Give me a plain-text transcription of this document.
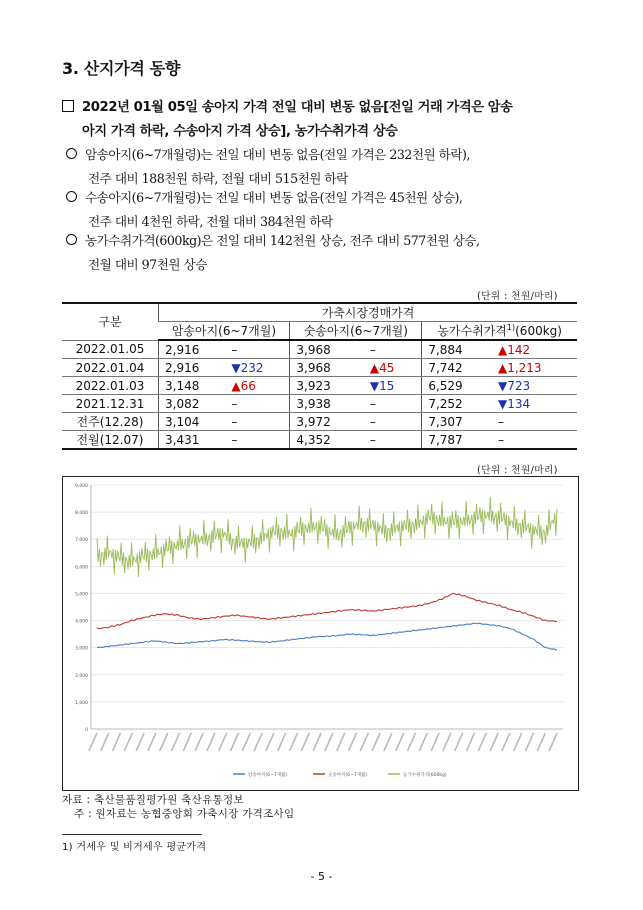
3. 산지가격 동향
2022년 01월 05일 송아지 가격 전일 대비 변동 없음[전일 거래 가격은 암송
아지 가격 하락, 수송아지 가격 상승], 농가수취가격 상승
암송아지(6~7개월령)는 전일 대비 변동 없음(전일 가격은 232천원 하락),
전주 대비 188천원 하락, 전월 대비 515천원 하락
수송아지(6~7개월령)는 전일 대비 변동 없음(전일 가격은 45천원 상승),
전주 대비 4천원 하락, 전월 대비 384천원 하락
농가수취가격(600kg)은 전일 대비 142천원 상승, 전주 대비 577천원 상승,
전월 대비 97천원 상승
(단위 : 천원/마리)
구분	가축시장경매가격					
	암송아지(6~7개월)		숫송아지(6~7개월)		농가수취가격$^{1)}$(600kg)	
2022.01.05	2,916	–	3,968	–	7,884	▲142
2022.01.04	2,916	▼232	3,968	▲45	7,742	▲1,213
2022.01.03	3,148	▲66	3,923	▼15	6,529	▼723
2021.12.31	3,082	–	3,938	–	7,252	▼134
전주(12.28)	3,104	–	3,972	–	7,307	–
전월(12.07)	3,431	–	4,352	–	7,787	–
(단위 : 천원/마리)
0
1,000
2,000
3,000
4,000
5,000
6,000
7,000
8,000
9,000
암송아지(6~7개월)	숫송아지(6~7개월)	농가수취가격(600kg)
자료 : 축산물품질평가원 축산유통정보
주 : 원자료는 농협중앙회 가축시장 가격조사임
1) 거세우 및 비거세우 평균가격
- 5 -
